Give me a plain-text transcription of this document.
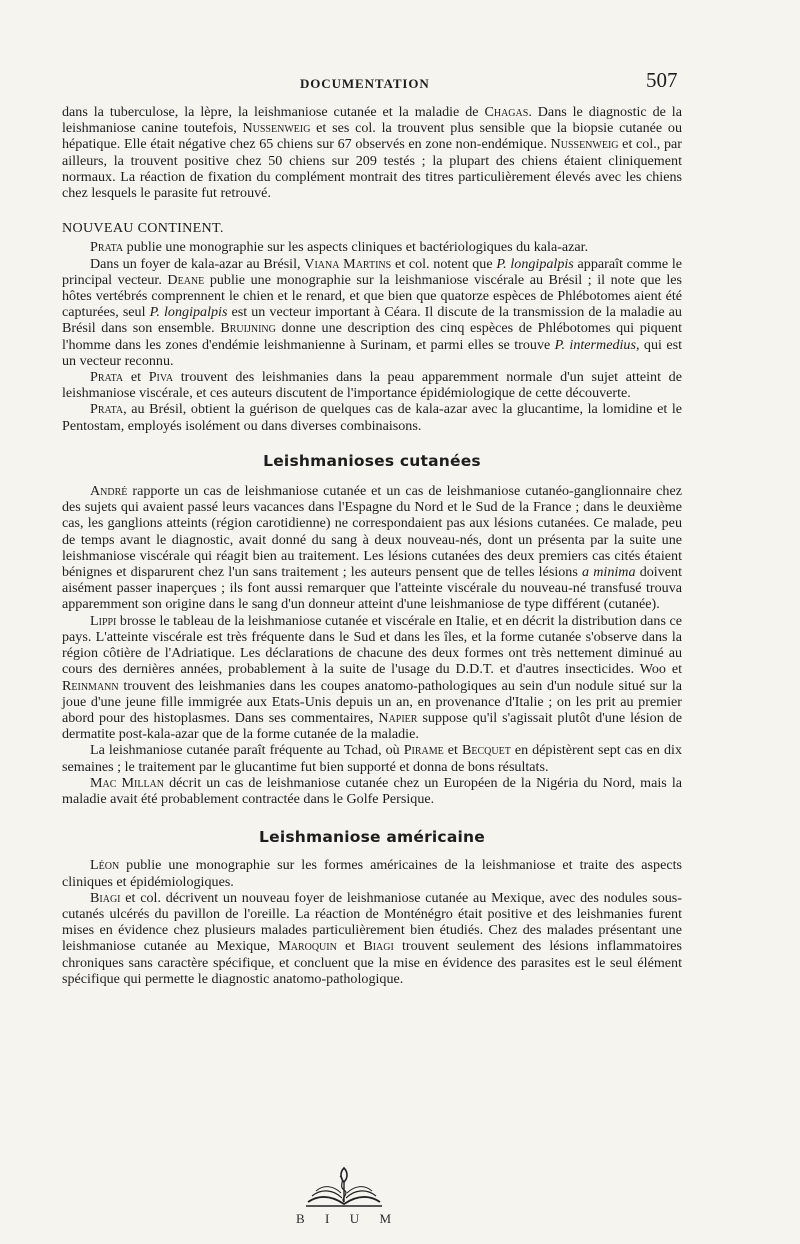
DOCUMENTATION	507

dans la tuberculose, la lèpre, la leishmaniose cutanée et la maladie de Chagas. Dans le diagnostic de la leishmaniose canine toutefois, Nussenweig et ses col. la trouvent plus sensible que la biopsie cutanée ou hépatique. Elle était négative chez 65 chiens sur 67 observés en zone non-endémique. Nussenweig et col., par ailleurs, la trouvent positive chez 50 chiens sur 209 testés ; la plupart des chiens étaient cliniquement normaux. La réaction de fixation du complément montrait des titres particulièrement élevés avec les chiens chez lesquels le parasite fut retrouvé.

NOUVEAU CONTINENT.

Prata publie une monographie sur les aspects cliniques et bactériologiques du kala-azar.

Dans un foyer de kala-azar au Brésil, Viana Martins et col. notent que P. longipalpis apparaît comme le principal vecteur. Deane publie une monographie sur la leishmaniose viscérale au Brésil ; il note que les hôtes vertébrés comprennent le chien et le renard, et que bien que quatorze espèces de Phlébotomes aient été capturées, seul P. longipalpis est un vecteur important à Céara. Il discute de la transmission de la maladie au Brésil dans son ensemble. Bruijning donne une description des cinq espèces de Phlébotomes qui piquent l'homme dans les zones d'endémie leishmanienne à Surinam, et parmi elles se trouve P. intermedius, qui est un vecteur reconnu.

Prata et Piva trouvent des leishmanies dans la peau apparemment normale d'un sujet atteint de leishmaniose viscérale, et ces auteurs discutent de l'importance épidémiologique de cette découverte.

Prata, au Brésil, obtient la guérison de quelques cas de kala-azar avec la glucantime, la lomidine et le Pentostam, employés isolément ou dans diverses combinaisons.

Leishmanioses cutanées

André rapporte un cas de leishmaniose cutanée et un cas de leishmaniose cutanéo-ganglionnaire chez des sujets qui avaient passé leurs vacances dans l'Espagne du Nord et le Sud de la France ; dans le deuxième cas, les ganglions atteints (région carotidienne) ne correspondaient pas aux lésions cutanées. Ce malade, peu de temps avant le diagnostic, avait donné du sang à deux nouveau-nés, dont un présenta par la suite une leishmaniose viscérale qui réagit bien au traitement. Les lésions cutanées des deux premiers cas cités étaient bénignes et disparurent chez l'un sans traitement ; les auteurs pensent que de telles lésions a minima doivent aisément passer inaperçues ; ils font aussi remarquer que l'atteinte viscérale du nouveau-né transfusé trouva apparemment son origine dans le sang d'un donneur atteint d'une leishmaniose de type différent (cutanée).

Lippi brosse le tableau de la leishmaniose cutanée et viscérale en Italie, et en décrit la distribution dans ce pays. L'atteinte viscérale est très fréquente dans le Sud et dans les îles, et la forme cutanée s'observe dans la région côtière de l'Adriatique. Les déclarations de chacune des deux formes ont très nettement diminué au cours des dernières années, probablement à la suite de l'usage du D.D.T. et d'autres insecticides. Woo et Reinmann trouvent des leishmanies dans les coupes anatomo-pathologiques au sein d'un nodule situé sur la joue d'une jeune fille immigrée aux Etats-Unis depuis un an, en provenance d'Italie ; on les prit au premier abord pour des histoplasmes. Dans ses commentaires, Napier suppose qu'il s'agissait plutôt d'une lésion de dermatite post-kala-azar que de la forme cutanée de la maladie.

La leishmaniose cutanée paraît fréquente au Tchad, où Pirame et Becquet en dépistèrent sept cas en dix semaines ; le traitement par le glucantime fut bien supporté et donna de bons résultats.

Mac Millan décrit un cas de leishmaniose cutanée chez un Européen de la Nigéria du Nord, mais la maladie avait été probablement contractée dans le Golfe Persique.

Leishmaniose américaine

Léon publie une monographie sur les formes américaines de la leishmaniose et traite des aspects cliniques et épidémiologiques.

Biagi et col. décrivent un nouveau foyer de leishmaniose cutanée au Mexique, avec des nodules sous-cutanés ulcérés du pavillon de l'oreille. La réaction de Monténégro était positive et des leishmanies furent mises en évidence chez plusieurs malades particulièrement bien étudiés. Chez des malades présentant une leishmaniose cutanée au Mexique, Maroquin et Biagi trouvent seulement des lésions inflammatoires chroniques sans caractère spécifique, et concluent que la mise en évidence des parasites est le seul élément spécifique qui permette le diagnostic anatomo-pathologique.

B I U M
